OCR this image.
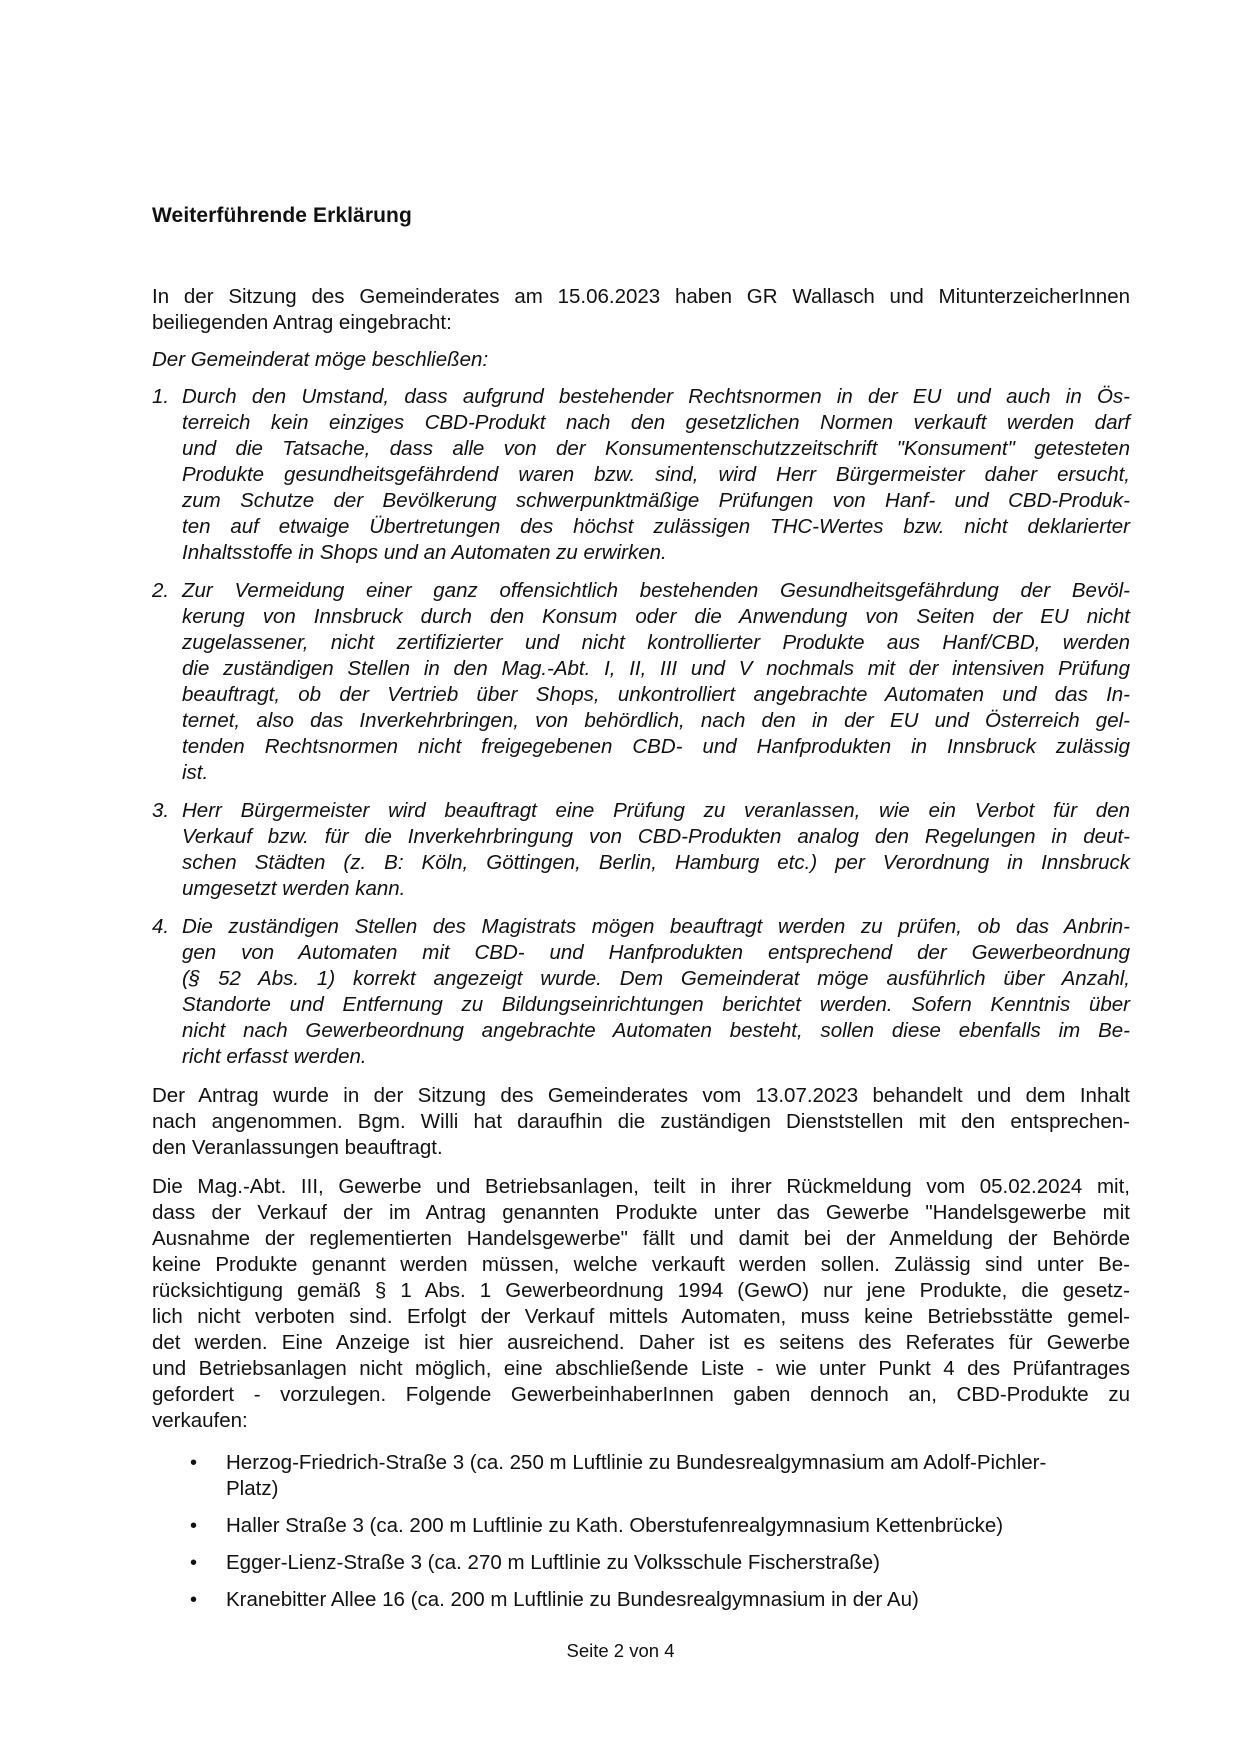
Weiterführende Erklärung
In der Sitzung des Gemeinderates am 15.06.2023 haben GR Wallasch und MitunterzeicherInnen
beiliegenden Antrag eingebracht:
Der Gemeinderat möge beschließen:
1. Durch den Umstand, dass aufgrund bestehender Rechtsnormen in der EU und auch in Ös-
terreich kein einziges CBD-Produkt nach den gesetzlichen Normen verkauft werden darf
und die Tatsache, dass alle von der Konsumentenschutzzeitschrift "Konsument" getesteten
Produkte gesundheitsgefährdend waren bzw. sind, wird Herr Bürgermeister daher ersucht,
zum Schutze der Bevölkerung schwerpunktmäßige Prüfungen von Hanf- und CBD-Produk-
ten auf etwaige Übertretungen des höchst zulässigen THC-Wertes bzw. nicht deklarierter
Inhaltsstoffe in Shops und an Automaten zu erwirken.
2. Zur Vermeidung einer ganz offensichtlich bestehenden Gesundheitsgefährdung der Bevöl-
kerung von Innsbruck durch den Konsum oder die Anwendung von Seiten der EU nicht
zugelassener, nicht zertifizierter und nicht kontrollierter Produkte aus Hanf/CBD, werden
die zuständigen Stellen in den Mag.-Abt. I, II, III und V nochmals mit der intensiven Prüfung
beauftragt, ob der Vertrieb über Shops, unkontrolliert angebrachte Automaten und das In-
ternet, also das Inverkehrbringen, von behördlich, nach den in der EU und Österreich gel-
tenden Rechtsnormen nicht freigegebenen CBD- und Hanfprodukten in Innsbruck zulässig
ist.
3. Herr Bürgermeister wird beauftragt eine Prüfung zu veranlassen, wie ein Verbot für den
Verkauf bzw. für die Inverkehrbringung von CBD-Produkten analog den Regelungen in deut-
schen Städten (z. B: Köln, Göttingen, Berlin, Hamburg etc.) per Verordnung in Innsbruck
umgesetzt werden kann.
4. Die zuständigen Stellen des Magistrats mögen beauftragt werden zu prüfen, ob das Anbrin-
gen von Automaten mit CBD- und Hanfprodukten entsprechend der Gewerbeordnung
(§ 52 Abs. 1) korrekt angezeigt wurde. Dem Gemeinderat möge ausführlich über Anzahl,
Standorte und Entfernung zu Bildungseinrichtungen berichtet werden. Sofern Kenntnis über
nicht nach Gewerbeordnung angebrachte Automaten besteht, sollen diese ebenfalls im Be-
richt erfasst werden.
Der Antrag wurde in der Sitzung des Gemeinderates vom 13.07.2023 behandelt und dem Inhalt
nach angenommen. Bgm. Willi hat daraufhin die zuständigen Dienststellen mit den entsprechen-
den Veranlassungen beauftragt.
Die Mag.-Abt. III, Gewerbe und Betriebsanlagen, teilt in ihrer Rückmeldung vom 05.02.2024 mit,
dass der Verkauf der im Antrag genannten Produkte unter das Gewerbe "Handelsgewerbe mit
Ausnahme der reglementierten Handelsgewerbe" fällt und damit bei der Anmeldung der Behörde
keine Produkte genannt werden müssen, welche verkauft werden sollen. Zulässig sind unter Be-
rücksichtigung gemäß § 1 Abs. 1 Gewerbeordnung 1994 (GewO) nur jene Produkte, die gesetz-
lich nicht verboten sind. Erfolgt der Verkauf mittels Automaten, muss keine Betriebsstätte gemel-
det werden. Eine Anzeige ist hier ausreichend. Daher ist es seitens des Referates für Gewerbe
und Betriebsanlagen nicht möglich, eine abschließende Liste - wie unter Punkt 4 des Prüfantrages
gefordert - vorzulegen. Folgende GewerbeinhaberInnen gaben dennoch an, CBD-Produkte zu
verkaufen:
• Herzog-Friedrich-Straße 3 (ca. 250 m Luftlinie zu Bundesrealgymnasium am Adolf-Pichler-
Platz)
• Haller Straße 3 (ca. 200 m Luftlinie zu Kath. Oberstufenrealgymnasium Kettenbrücke)
• Egger-Lienz-Straße 3 (ca. 270 m Luftlinie zu Volksschule Fischerstraße)
• Kranebitter Allee 16 (ca. 200 m Luftlinie zu Bundesrealgymnasium in der Au)
Seite 2 von 4
